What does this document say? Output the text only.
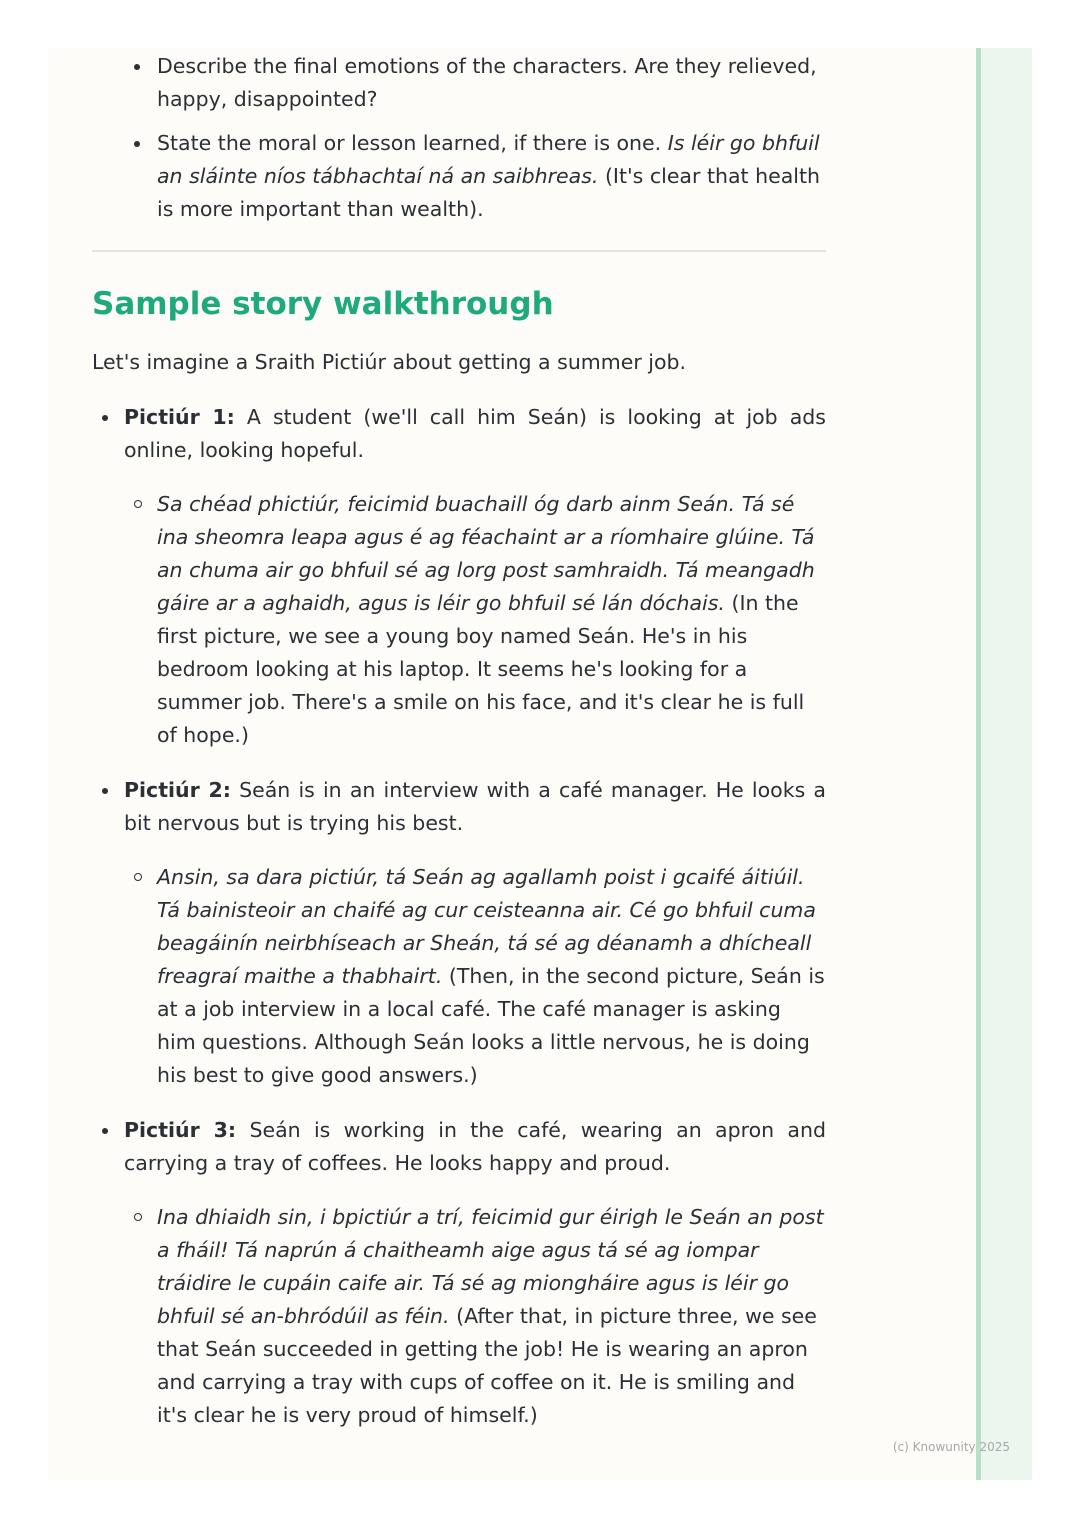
Describe the final emotions of the characters. Are they relieved, happy, disappointed?
State the moral or lesson learned, if there is one. Is léir go bhfuil an sláinte níos tábhachtaí ná an saibhreas. (It's clear that health is more important than wealth).
Sample story walkthrough

Let's imagine a Sraith Pictiúr about getting a summer job.

Pictiúr 1: A student (we'll call him Seán) is looking at job ads online, looking hopeful.
Sa chéad phictiúr, feicimid buachaill óg darb ainm Seán. Tá sé ina sheomra leapa agus é ag féachaint ar a ríomhaire glúine. Tá an chuma air go bhfuil sé ag lorg post samhraidh. Tá meangadh gáire ar a aghaidh, agus is léir go bhfuil sé lán dóchais. (In the first picture, we see a young boy named Seán. He's in his bedroom looking at his laptop. It seems he's looking for a summer job. There's a smile on his face, and it's clear he is full of hope.)
Pictiúr 2: Seán is in an interview with a café manager. He looks a bit nervous but is trying his best.
Ansin, sa dara pictiúr, tá Seán ag agallamh poist i gcaifé áitiúil. Tá bainisteoir an chaifé ag cur ceisteanna air. Cé go bhfuil cuma beagáinín neirbhíseach ar Sheán, tá sé ag déanamh a dhícheall freagraí maithe a thabhairt. (Then, in the second picture, Seán is at a job interview in a local café. The café manager is asking him questions. Although Seán looks a little nervous, he is doing his best to give good answers.)
Pictiúr 3: Seán is working in the café, wearing an apron and carrying a tray of coffees. He looks happy and proud.
Ina dhiaidh sin, i bpictiúr a trí, feicimid gur éirigh le Seán an post a fháil! Tá naprún á chaitheamh aige agus tá sé ag iompar tráidire le cupáin caife air. Tá sé ag miongháire agus is léir go bhfuil sé an-bhródúil as féin. (After that, in picture three, we see that Seán succeeded in getting the job! He is wearing an apron and carrying a tray with cups of coffee on it. He is smiling and it's clear he is very proud of himself.)
(c) Knowunity 2025
